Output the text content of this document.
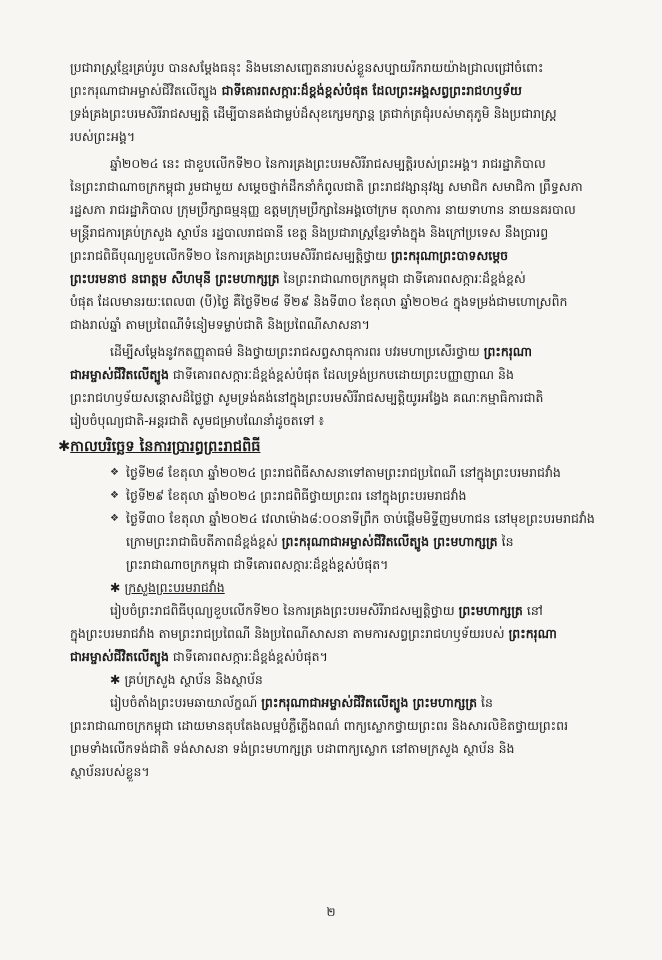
ប្រជារាស្ត្រខ្មែរគ្រប់រូប បានសម្តែងធនុះ និងមនោសញ្ចេតនារបស់ខ្លួនសប្បាយរីករាយយ៉ាងជ្រាលជ្រៅចំពោះ
ព្រះករុណាជាអម្ចាស់ជីវិតលើត្បូង ជាទីគោរពសក្ការៈដ៏ខ្ពង់ខ្ពស់បំផុត ដែលព្រះអង្គសព្វព្រះរាជហឫទ័យ
ទ្រង់គ្រងព្រះបរមសិរីរាជសម្បត្តិ ដើម្បីបានគង់ជាម្លប់ដ៏សុខក្សេមក្សាន្ត ត្រជាក់ត្រជុំរបស់មាតុភូមិ និងប្រជារាស្ត្រ
របស់ព្រះអង្គ។
ឆ្នាំ២០២៤ នេះ ជាខួបលើកទី២០ នៃការគ្រងព្រះបរមសិរីរាជសម្បត្តិរបស់ព្រះអង្គ។ រាជរដ្ឋាភិបាល
នៃព្រះរាជាណាចក្រកម្ពុជា រួមជាមួយ សម្តេចថ្នាក់ដឹកនាំកំពូលជាតិ ព្រះរាជវង្សានុវង្ស សមាជិក សមាជិកា ព្រឹទ្ធសភា
រដ្ឋសភា រាជរដ្ឋាភិបាល ក្រុមប្រឹក្សាធម្មនុញ្ញ ឧត្តមក្រុមប្រឹក្សានៃអង្គចៅក្រម តុលាការ នាយទាហាន នាយនគរបាល
មន្ត្រីរាជការគ្រប់ក្រសួង ស្ថាប័ន រដ្ឋបាលរាជធានី ខេត្ត និងប្រជារាស្ត្រខ្មែរទាំងក្នុង និងក្រៅប្រទេស នឹងប្រារព្ធ
ព្រះរាជពិធីបុណ្យខួបលើកទី២០ នៃការគ្រងព្រះបរមសិរីរាជសម្បត្តិថ្វាយ ព្រះករុណាព្រះបាទសម្តេច
ព្រះបរមនាថ នរោត្តម សីហមុនី ព្រះមហាក្សត្រ នៃព្រះរាជាណាចក្រកម្ពុជា ជាទីគោរពសក្ការៈដ៏ខ្ពង់ខ្ពស់
បំផុត ដែលមានរយៈពេល៣ (បី)ថ្ងៃ គឺថ្ងៃទី២៨ ទី២៩ និងទី៣០ ខែតុលា ឆ្នាំ២០២៤ ក្នុងទម្រង់ជាមហោស្រពិក
ជាងរាល់ឆ្នាំ តាមប្រពៃណីទំនៀមទម្លាប់ជាតិ និងប្រពៃណីសាសនា។
ដើម្បីសម្តែងនូវកតញ្ញុតាធម៌ និងថ្វាយព្រះរាជសព្វសាធុការពរ បវរមហាប្រសើរថ្វាយ ព្រះករុណា
ជាអម្ចាស់ជីវិតលើត្បូង ជាទីគោរពសក្ការៈដ៏ខ្ពង់ខ្ពស់បំផុត ដែលទ្រង់ប្រកបដោយព្រះបញ្ញាញាណ និង
ព្រះរាជហឫទ័យសន្តោសដ៏ថ្លៃថ្លា សូមទ្រង់គង់នៅក្នុងព្រះបរមសិរីរាជសម្បត្តិយូរអង្វែង គណៈកម្មាធិការជាតិ
រៀបចំបុណ្យជាតិ-អន្តរជាតិ សូមជម្រាបណែនាំដូចតទៅ ៖
✱កាលបរិច្ឆេទ នៃការប្រារព្ធព្រះរាជពិធី
❖ ថ្ងៃទី២៨ ខែតុលា ឆ្នាំ២០២៤ ព្រះរាជពិធីសាសនាទៅតាមព្រះរាជប្រពៃណី នៅក្នុងព្រះបរមរាជវាំង
❖ ថ្ងៃទី២៩ ខែតុលា ឆ្នាំ២០២៤ ព្រះរាជពិធីថ្វាយព្រះពរ នៅក្នុងព្រះបរមរាជវាំង
❖ ថ្ងៃទី៣០ ខែតុលា ឆ្នាំ២០២៤ វេលាម៉ោង៨:០០នាទីព្រឹក ចាប់ផ្តើមមិទ្ទីញមហាជន នៅមុខព្រះបរមរាជវាំង
ក្រោមព្រះរាជាធិបតីភាពដ៏ខ្ពង់ខ្ពស់ ព្រះករុណាជាអម្ចាស់ជីវិតលើត្បូង ព្រះមហាក្សត្រ នៃ
ព្រះរាជាណាចក្រកម្ពុជា ជាទីគោរពសក្ការៈដ៏ខ្ពង់ខ្ពស់បំផុត។
✱ ក្រសួងព្រះបរមរាជវាំង
រៀបចំព្រះរាជពិធីបុណ្យខួបលើកទី២០ នៃការគ្រងព្រះបរមសិរីរាជសម្បត្តិថ្វាយ ព្រះមហាក្សត្រ នៅ
ក្នុងព្រះបរមរាជវាំង តាមព្រះរាជប្រពៃណី និងប្រពៃណីសាសនា តាមការសព្វព្រះរាជហឫទ័យរបស់ ព្រះករុណា
ជាអម្ចាស់ជីវិតលើត្បូង ជាទីគោរពសក្ការៈដ៏ខ្ពង់ខ្ពស់បំផុត។
✱ គ្រប់ក្រសួង ស្ថាប័ន និងស្ថាប័ន
រៀបចំតាំងព្រះបរមឆាយាល័ក្ខណ៍ ព្រះករុណាជាអម្ចាស់ជីវិតលើត្បូង ព្រះមហាក្សត្រ នៃ
ព្រះរាជាណាចក្រកម្ពុជា ដោយមានតុបតែងលម្អបំភ្លឺភ្លើងពណ៌ ពាក្យស្លោកថ្វាយព្រះពរ និងសារលិខិតថ្វាយព្រះពរ
ព្រមទាំងលើកទង់ជាតិ ទង់សាសនា ទង់ព្រះមហាក្សត្រ បដាពាក្យស្លោក នៅតាមក្រសួង ស្ថាប័ន និង
ស្ថាប័នរបស់ខ្លួន។
២
